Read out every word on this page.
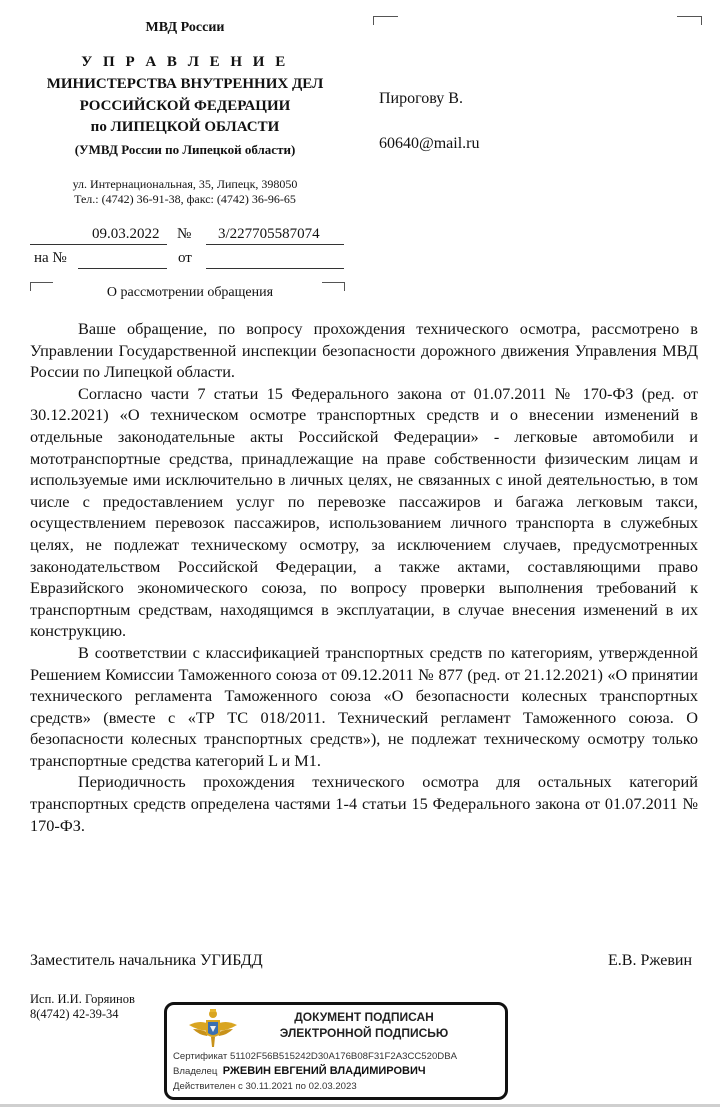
МВД России
У П Р А В Л Е Н И Е
МИНИСТЕРСТВА ВНУТРЕННИХ ДЕЛ
РОССИЙСКОЙ ФЕДЕРАЦИИ
по ЛИПЕЦКОЙ ОБЛАСТИ
(УМВД России по Липецкой области)
ул. Интернациональная, 35, Липецк, 398050
Тел.: (4742) 36-91-38, факс: (4742) 36-96-65
09.03.2022 № 3/227705587074
на №	от
О рассмотрении обращения
Пирогову В.
60640@mail.ru

Ваше обращение, по вопросу прохождения технического осмотра, рассмотрено в Управлении Государственной инспекции безопасности дорожного движения Управления МВД России по Липецкой области.

Согласно части 7 статьи 15 Федерального закона от 01.07.2011 № 170-ФЗ (ред. от 30.12.2021) «О техническом осмотре транспортных средств и о внесении изменений в отдельные законодательные акты Российской Федерации» - легковые автомобили и мототранспортные средства, принадлежащие на праве собственности физическим лицам и используемые ими исключительно в личных целях, не связанных с иной деятельностью, в том числе с предоставлением услуг по перевозке пассажиров и багажа легковым такси, осуществлением перевозок пассажиров, использованием личного транспорта в служебных целях, не подлежат техническому осмотру, за исключением случаев, предусмотренных законодательством Российской Федерации, а также актами, составляющими право Евразийского экономического союза, по вопросу проверки выполнения требований к транспортным средствам, находящимся в эксплуатации, в случае внесения изменений в их конструкцию.

В соответствии с классификацией транспортных средств по категориям, утвержденной Решением Комиссии Таможенного союза от 09.12.2011 № 877 (ред. от 21.12.2021) «О принятии технического регламента Таможенного союза «О безопасности колесных транспортных средств» (вместе с «ТР ТС 018/2011. Технический регламент Таможенного союза. О безопасности колесных транспортных средств»), не подлежат техническому осмотру только транспортные средства категорий L и M1.

Периодичность прохождения технического осмотра для остальных категорий транспортных средств определена частями 1-4 статьи 15 Федерального закона от 01.07.2011 № 170-ФЗ.

Заместитель начальника УГИБДД	Е.В. Ржевин
Исп. И.И. Горяинов
8(4742) 42-39-34	ДОКУМЕНТ ПОДПИСАН
ЭЛЕКТРОННОЙ ПОДПИСЬЮ
Сертификат 51102F56B515242D30A176B08F31F2A3CC520DBA
Владелец РЖЕВИН ЕВГЕНИЙ ВЛАДИМИРОВИЧ
Действителен с 30.11.2021 по 02.03.2023
